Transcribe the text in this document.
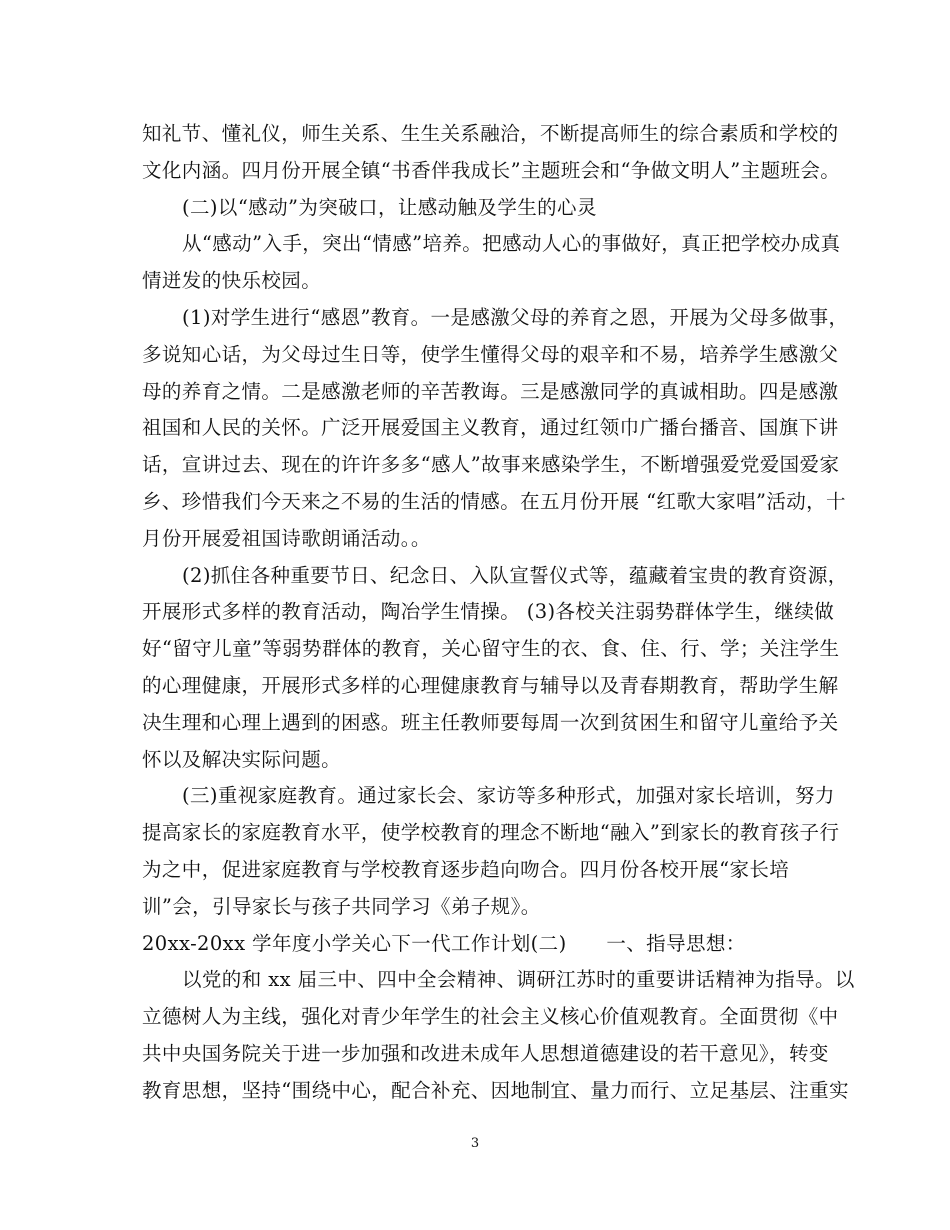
知礼节、懂礼仪，师生关系、生生关系融洽，不断提高师生的综合素质和学校的
文化内涵。四月份开展全镇“书香伴我成长”主题班会和“争做文明人”主题班会。
(二)以“感动”为突破口，让感动触及学生的心灵
从“感动”入手，突出“情感”培养。把感动人心的事做好，真正把学校办成真
情迸发的快乐校园。
(1)对学生进行“感恩”教育。一是感激父母的养育之恩，开展为父母多做事，
多说知心话，为父母过生日等，使学生懂得父母的艰辛和不易，培养学生感激父
母的养育之情。二是感激老师的辛苦教诲。三是感激同学的真诚相助。四是感激
祖国和人民的关怀。广泛开展爱国主义教育，通过红领巾广播台播音、国旗下讲
话，宣讲过去、现在的许许多多“感人”故事来感染学生，不断增强爱党爱国爱家
乡、珍惜我们今天来之不易的生活的情感。在五月份开展 “红歌大家唱”活动，十
月份开展爱祖国诗歌朗诵活动。。
(2)抓住各种重要节日、纪念日、入队宣誓仪式等，蕴藏着宝贵的教育资源，
开展形式多样的教育活动，陶冶学生情操。 (3)各校关注弱势群体学生，继续做
好“留守儿童”等弱势群体的教育，关心留守生的衣、食、住、行、学；关注学生
的心理健康，开展形式多样的心理健康教育与辅导以及青春期教育，帮助学生解
决生理和心理上遇到的困惑。班主任教师要每周一次到贫困生和留守儿童给予关
怀以及解决实际问题。
(三)重视家庭教育。通过家长会、家访等多种形式，加强对家长培训，努力
提高家长的家庭教育水平，使学校教育的理念不断地“融入”到家长的教育孩子行
为之中，促进家庭教育与学校教育逐步趋向吻合。四月份各校开展“家长培
训”会，引导家长与孩子共同学习《弟子规》。
20xx-20xx 学年度小学关心下一代工作计划(二)　　一、指导思想：
以党的和 xx 届三中、四中全会精神、调研江苏时的重要讲话精神为指导。以
立德树人为主线，强化对青少年学生的社会主义核心价值观教育。全面贯彻《中
共中央国务院关于进一步加强和改进未成年人思想道德建设的若干意见》，转变
教育思想，坚持“围绕中心，配合补充、因地制宜、量力而行、立足基层、注重实
3
